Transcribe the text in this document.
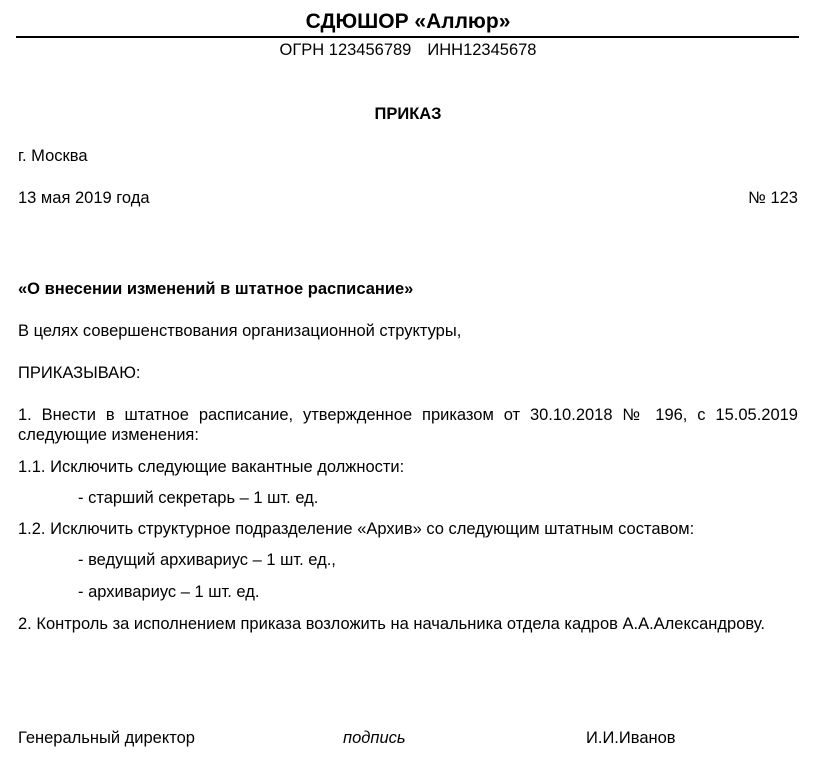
СДЮШОР «Аллюр»
ОГРН 123456789 ИНН12345678
ПРИКАЗ
г. Москва
13 мая 2019 года	№ 123
«О внесении изменений в штатное расписание»
В целях совершенствования организационной структуры,
ПРИКАЗЫВАЮ:
1. Внести в штатное расписание, утвержденное приказом от 30.10.2018 № 196, с 15.05.2019 следующие изменения:
1.1. Исключить следующие вакантные должности:
- старший секретарь – 1 шт. ед.
1.2. Исключить структурное подразделение «Архив» со следующим штатным составом:
- ведущий архивариус – 1 шт. ед.,
- архивариус – 1 шт. ед.
2. Контроль за исполнением приказа возложить на начальника отдела кадров А.А.Александрову.
Генеральный директор	подпись	И.И.Иванов
